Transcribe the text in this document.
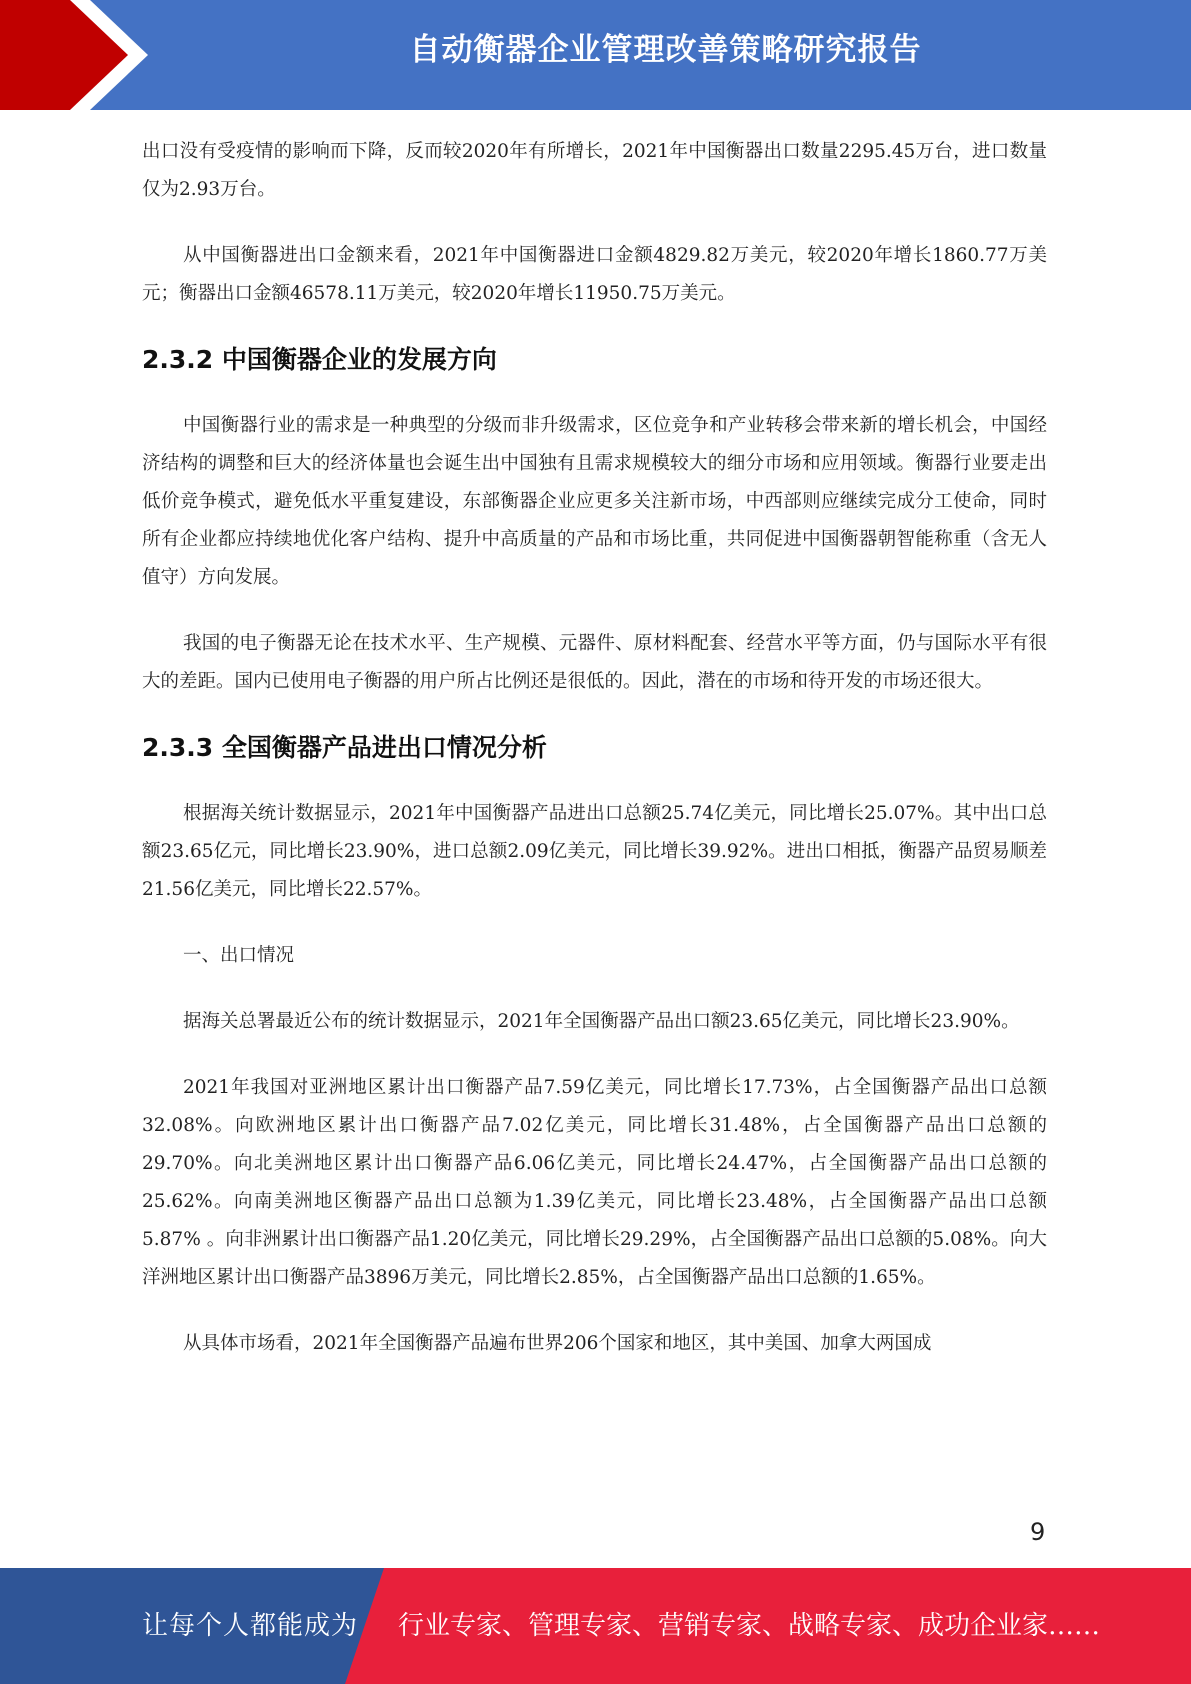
自动衡器企业管理改善策略研究报告

出口没有受疫情的影响而下降，反而较2020年有所增长，2021年中国衡器出口数量2295.45万台，进口数量仅为2.93万台。

从中国衡器进出口金额来看，2021年中国衡器进口金额4829.82万美元，较2020年增长1860.77万美元；衡器出口金额46578.11万美元，较2020年增长11950.75万美元。

2.3.2 中国衡器企业的发展方向

中国衡器行业的需求是一种典型的分级而非升级需求，区位竞争和产业转移会带来新的增长机会，中国经济结构的调整和巨大的经济体量也会诞生出中国独有且需求规模较大的细分市场和应用领域。衡器行业要走出低价竞争模式，避免低水平重复建设，东部衡器企业应更多关注新市场，中西部则应继续完成分工使命，同时所有企业都应持续地优化客户结构、提升中高质量的产品和市场比重，共同促进中国衡器朝智能称重（含无人值守）方向发展。

我国的电子衡器无论在技术水平、生产规模、元器件、原材料配套、经营水平等方面，仍与国际水平有很大的差距。国内已使用电子衡器的用户所占比例还是很低的。因此，潜在的市场和待开发的市场还很大。

2.3.3 全国衡器产品进出口情况分析

根据海关统计数据显示，2021年中国衡器产品进出口总额25.74亿美元，同比增长25.07%。其中出口总额23.65亿元，同比增长23.90%，进口总额2.09亿美元，同比增长39.92%。进出口相抵，衡器产品贸易顺差21.56亿美元，同比增长22.57%。

一、出口情况

据海关总署最近公布的统计数据显示，2021年全国衡器产品出口额23.65亿美元，同比增长23.90%。

2021年我国对亚洲地区累计出口衡器产品7.59亿美元，同比增长17.73%，占全国衡器产品出口总额32.08%。向欧洲地区累计出口衡器产品7.02亿美元，同比增长31.48%，占全国衡器产品出口总额的29.70%。向北美洲地区累计出口衡器产品6.06亿美元，同比增长24.47%，占全国衡器产品出口总额的25.62%。向南美洲地区衡器产品出口总额为1.39亿美元，同比增长23.48%，占全国衡器产品出口总额5.87% 。向非洲累计出口衡器产品1.20亿美元，同比增长29.29%，占全国衡器产品出口总额的5.08%。向大洋洲地区累计出口衡器产品3896万美元，同比增长2.85%，占全国衡器产品出口总额的1.65%。

从具体市场看，2021年全国衡器产品遍布世界206个国家和地区，其中美国、加拿大两国成

9
让每个人都能成为 行业专家、管理专家、营销专家、战略专家、成功企业家……
